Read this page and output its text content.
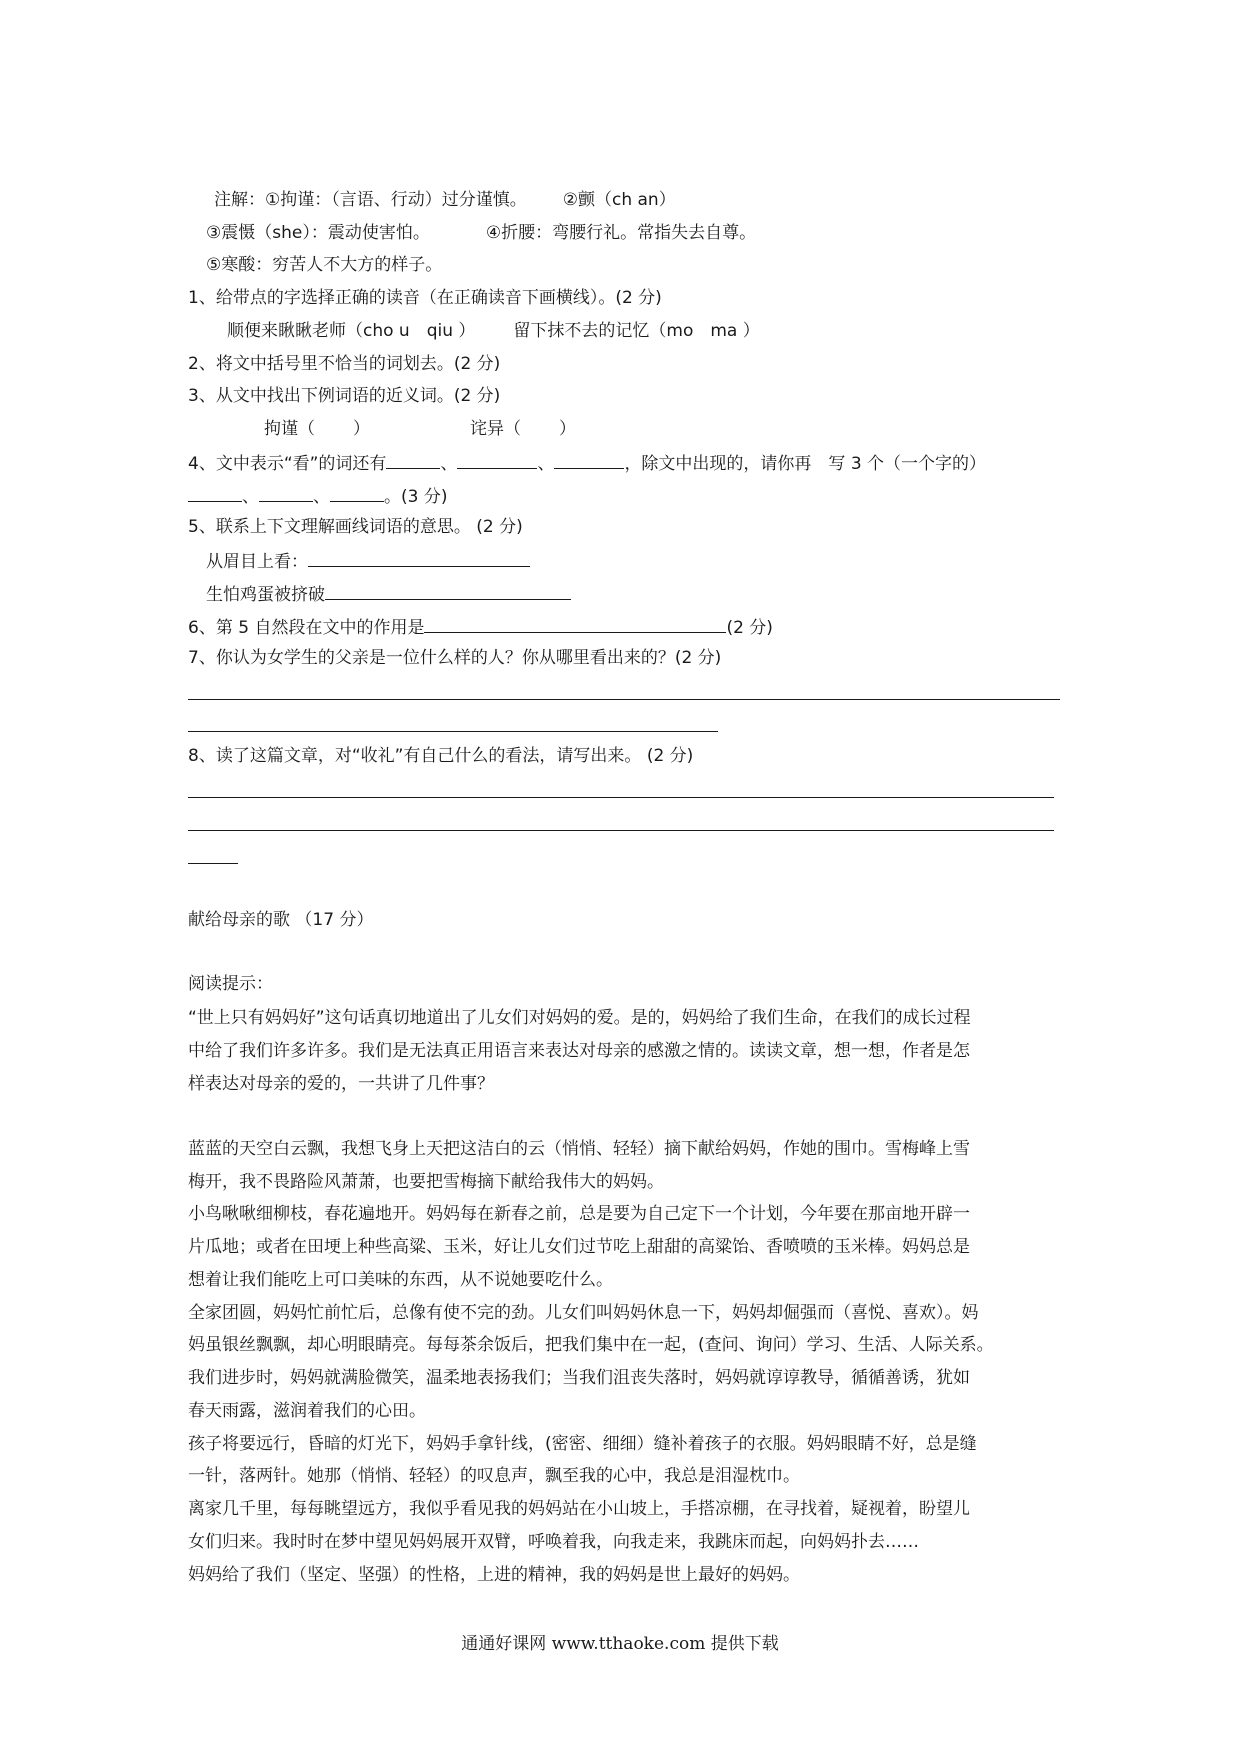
注解：①拘谨：（言语、行动）过分谨慎。 ②颤（ch an）
③震慑（she）：震动使害怕。	④折腰：弯腰行礼。常指失去自尊。
⑤寒酸：穷苦人不大方的样子。
1、给带点的字选择正确的读音（在正确读音下画横线）。(2 分)
顺便来瞅瞅老师（cho u　qiu ） 留下抹不去的记忆（mo　ma ）
2、将文中括号里不恰当的词划去。(2 分)
3、从文中找出下例词语的近义词。(2 分)
拘谨（ ）	诧异（ ）
4、文中表示“看”的词还有	、	、	，除文中出现的，请你再　写 3 个（一个字的）
、	、	。(3 分)
5、联系上下文理解画线词语的意思。 (2 分)
从眉目上看：
生怕鸡蛋被挤破
6、第 5 自然段在文中的作用是	(2 分)
7、你认为女学生的父亲是一位什么样的人？你从哪里看出来的？(2 分)
8、读了这篇文章，对“收礼”有自己什么的看法，请写出来。 (2 分)
献给母亲的歌 （17 分）
阅读提示：
“世上只有妈妈好”这句话真切地道出了儿女们对妈妈的爱。是的，妈妈给了我们生命，在我们的成长过程
中给了我们许多许多。我们是无法真正用语言来表达对母亲的感激之情的。读读文章，想一想，作者是怎
样表达对母亲的爱的，一共讲了几件事？
蓝蓝的天空白云飘，我想飞身上天把这洁白的云（悄悄、轻轻）摘下献给妈妈，作她的围巾。雪梅峰上雪
梅开，我不畏路险风萧萧，也要把雪梅摘下献给我伟大的妈妈。
小鸟啾啾细柳枝，春花遍地开。妈妈每在新春之前，总是要为自己定下一个计划，今年要在那亩地开辟一
片瓜地；或者在田埂上种些高粱、玉米，好让儿女们过节吃上甜甜的高粱饴、香喷喷的玉米棒。妈妈总是
想着让我们能吃上可口美味的东西，从不说她要吃什么。
全家团圆，妈妈忙前忙后，总像有使不完的劲。儿女们叫妈妈休息一下，妈妈却倔强而（喜悦、喜欢）。妈
妈虽银丝飘飘，却心明眼睛亮。每每茶余饭后，把我们集中在一起，(查问、询问）学习、生活、人际关系。
我们进步时，妈妈就满脸微笑，温柔地表扬我们；当我们沮丧失落时，妈妈就谆谆教导，循循善诱，犹如
春天雨露，滋润着我们的心田。
孩子将要远行，昏暗的灯光下，妈妈手拿针线，(密密、细细）缝补着孩子的衣服。妈妈眼睛不好，总是缝
一针，落两针。她那（悄悄、轻轻）的叹息声，飘至我的心中，我总是泪湿枕巾。
离家几千里，每每眺望远方，我似乎看见我的妈妈站在小山坡上，手搭凉棚，在寻找着，疑视着，盼望儿
女们归来。我时时在梦中望见妈妈展开双臂，呼唤着我，向我走来，我跳床而起，向妈妈扑去……
妈妈给了我们（坚定、坚强）的性格，上进的精神，我的妈妈是世上最好的妈妈。
通通好课网 www.tthaoke.com 提供下载
